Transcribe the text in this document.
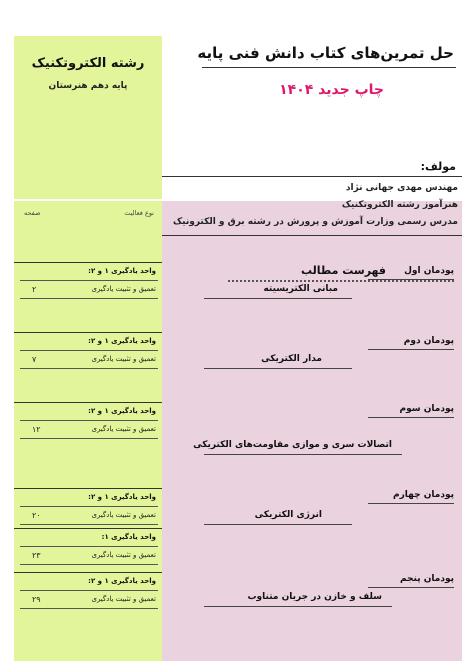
رشته الکتروتکنیک
پایه دهم هنرستان
حل تمرین‌های کتاب دانش فنی پایه
چاپ جدید ۱۴۰۴
مولف:
صفحه	نوع فعالیت
مهندس مهدی جهانی نژاد
هنرآموز رشته الکتروتکنیک
مدرس رسمی وزارت آموزش و پرورش در رشته برق و الکترونیک
فهرست مطالب
واحد یادگیری ۱ و ۲:
تعمیق و تثبیت یادگیری
۲
واحد یادگیری ۱ و ۲:
تعمیق و تثبیت یادگیری
۷
واحد یادگیری ۱ و ۲:
تعمیق و تثبیت یادگیری
۱۲
واحد یادگیری ۱ و ۲:
تعمیق و تثبیت یادگیری
۲۰
واحد یادگیری ۱:
تعمیق و تثبیت یادگیری
۲۳
واحد یادگیری ۱ و ۲:
تعمیق و تثبیت یادگیری
۲۹
پودمان اول
مبانی الکتریسیته
پودمان دوم
مدار الکتریکی
پودمان سوم
اتصالات سری و موازی مقاومت‌های الکتریکی
پودمان چهارم
انرژی الکتریکی
پودمان پنجم
سلف و خازن در جریان متناوب
